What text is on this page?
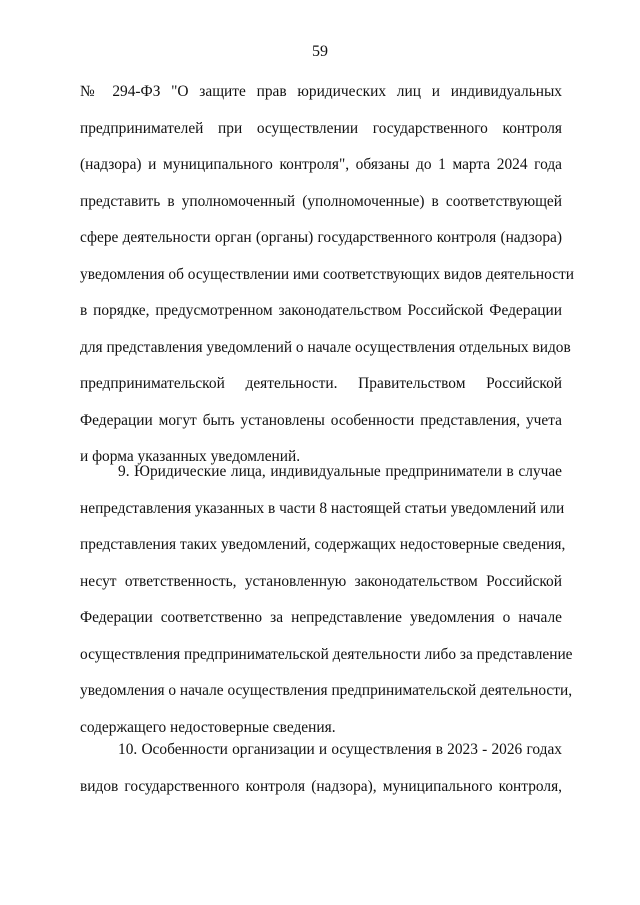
59
№ 294-ФЗ "О защите прав юридических лиц и индивидуальных
предпринимателей при осуществлении государственного контроля
(надзора) и муниципального контроля", обязаны до 1 марта 2024 года
представить в уполномоченный (уполномоченные) в соответствующей
сфере деятельности орган (органы) государственного контроля (надзора)
уведомления об осуществлении ими соответствующих видов деятельности
в порядке, предусмотренном законодательством Российской Федерации
для представления уведомлений о начале осуществления отдельных видов
предпринимательской деятельности. Правительством Российской
Федерации могут быть установлены особенности представления, учета
и форма указанных уведомлений.
9. Юридические лица, индивидуальные предприниматели в случае
непредставления указанных в части 8 настоящей статьи уведомлений или
представления таких уведомлений, содержащих недостоверные сведения,
несут ответственность, установленную законодательством Российской
Федерации соответственно за непредставление уведомления о начале
осуществления предпринимательской деятельности либо за представление
уведомления о начале осуществления предпринимательской деятельности,
содержащего недостоверные сведения.
10. Особенности организации и осуществления в 2023 - 2026 годах
видов государственного контроля (надзора), муниципального контроля,
